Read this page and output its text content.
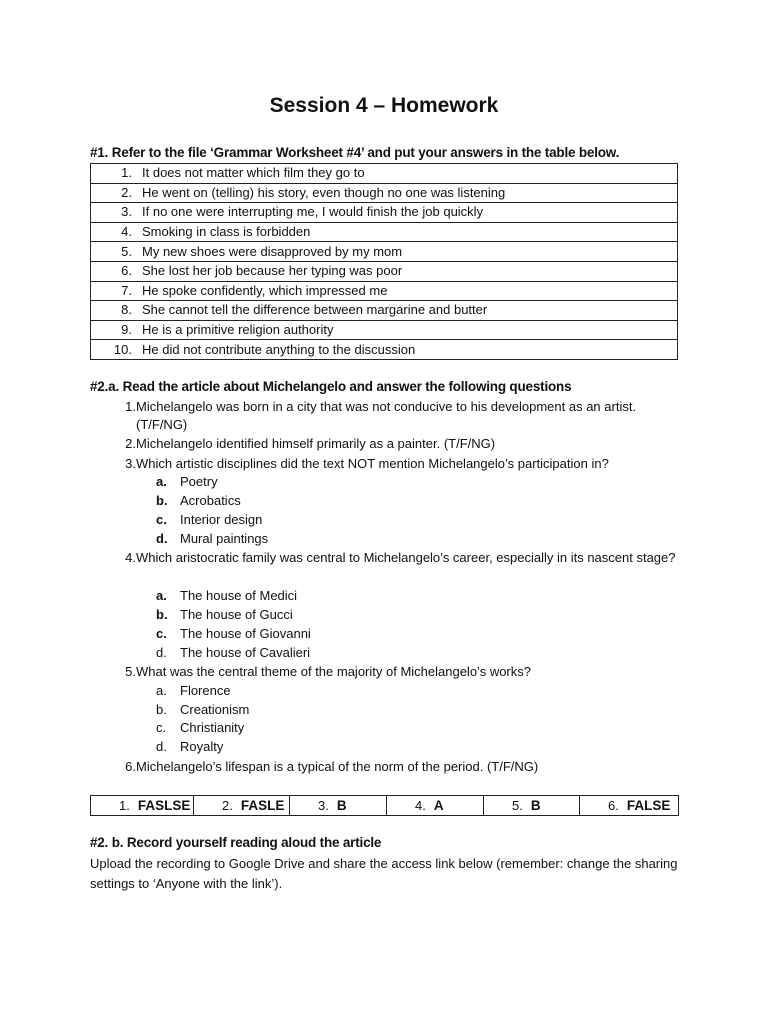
Session 4 – Homework
#1. Refer to the file ‘Grammar Worksheet #4’ and put your answers in the table below.
1. It does not matter which film they go to
2. He went on (telling) his story, even though no one was listening
3. If no one were interrupting me, I would finish the job quickly
4. Smoking in class is forbidden
5. My new shoes were disapproved by my mom
6. She lost her job because her typing was poor
7. He spoke confidently, which impressed me
8. She cannot tell the difference between margarine and butter
9. He is a primitive religion authority
10. He did not contribute anything to the discussion
#2.a. Read the article about Michelangelo and answer the following questions
1. Michelangelo was born in a city that was not conducive to his development as an artist. (T/F/NG)
2. Michelangelo identified himself primarily as a painter. (T/F/NG)
3. Which artistic disciplines did the text NOT mention Michelangelo’s participation in?
a. Poetry
b. Acrobatics
c. Interior design
d. Mural paintings
4. Which aristocratic family was central to Michelangelo’s career, especially in its nascent stage?
a. The house of Medici
b. The house of Gucci
c. The house of Giovanni
d. The house of Cavalieri
5. What was the central theme of the majority of Michelangelo’s works?
a. Florence
b. Creationism
c. Christianity
d. Royalty
6. Michelangelo’s lifespan is a typical of the norm of the period. (T/F/NG)
1. FASLSE	2. FASLE	3. B	4. A	5. B	6. FALSE
#2. b. Record yourself reading aloud the article
Upload the recording to Google Drive and share the access link below (remember: change the sharing settings to ‘Anyone with the link’).
